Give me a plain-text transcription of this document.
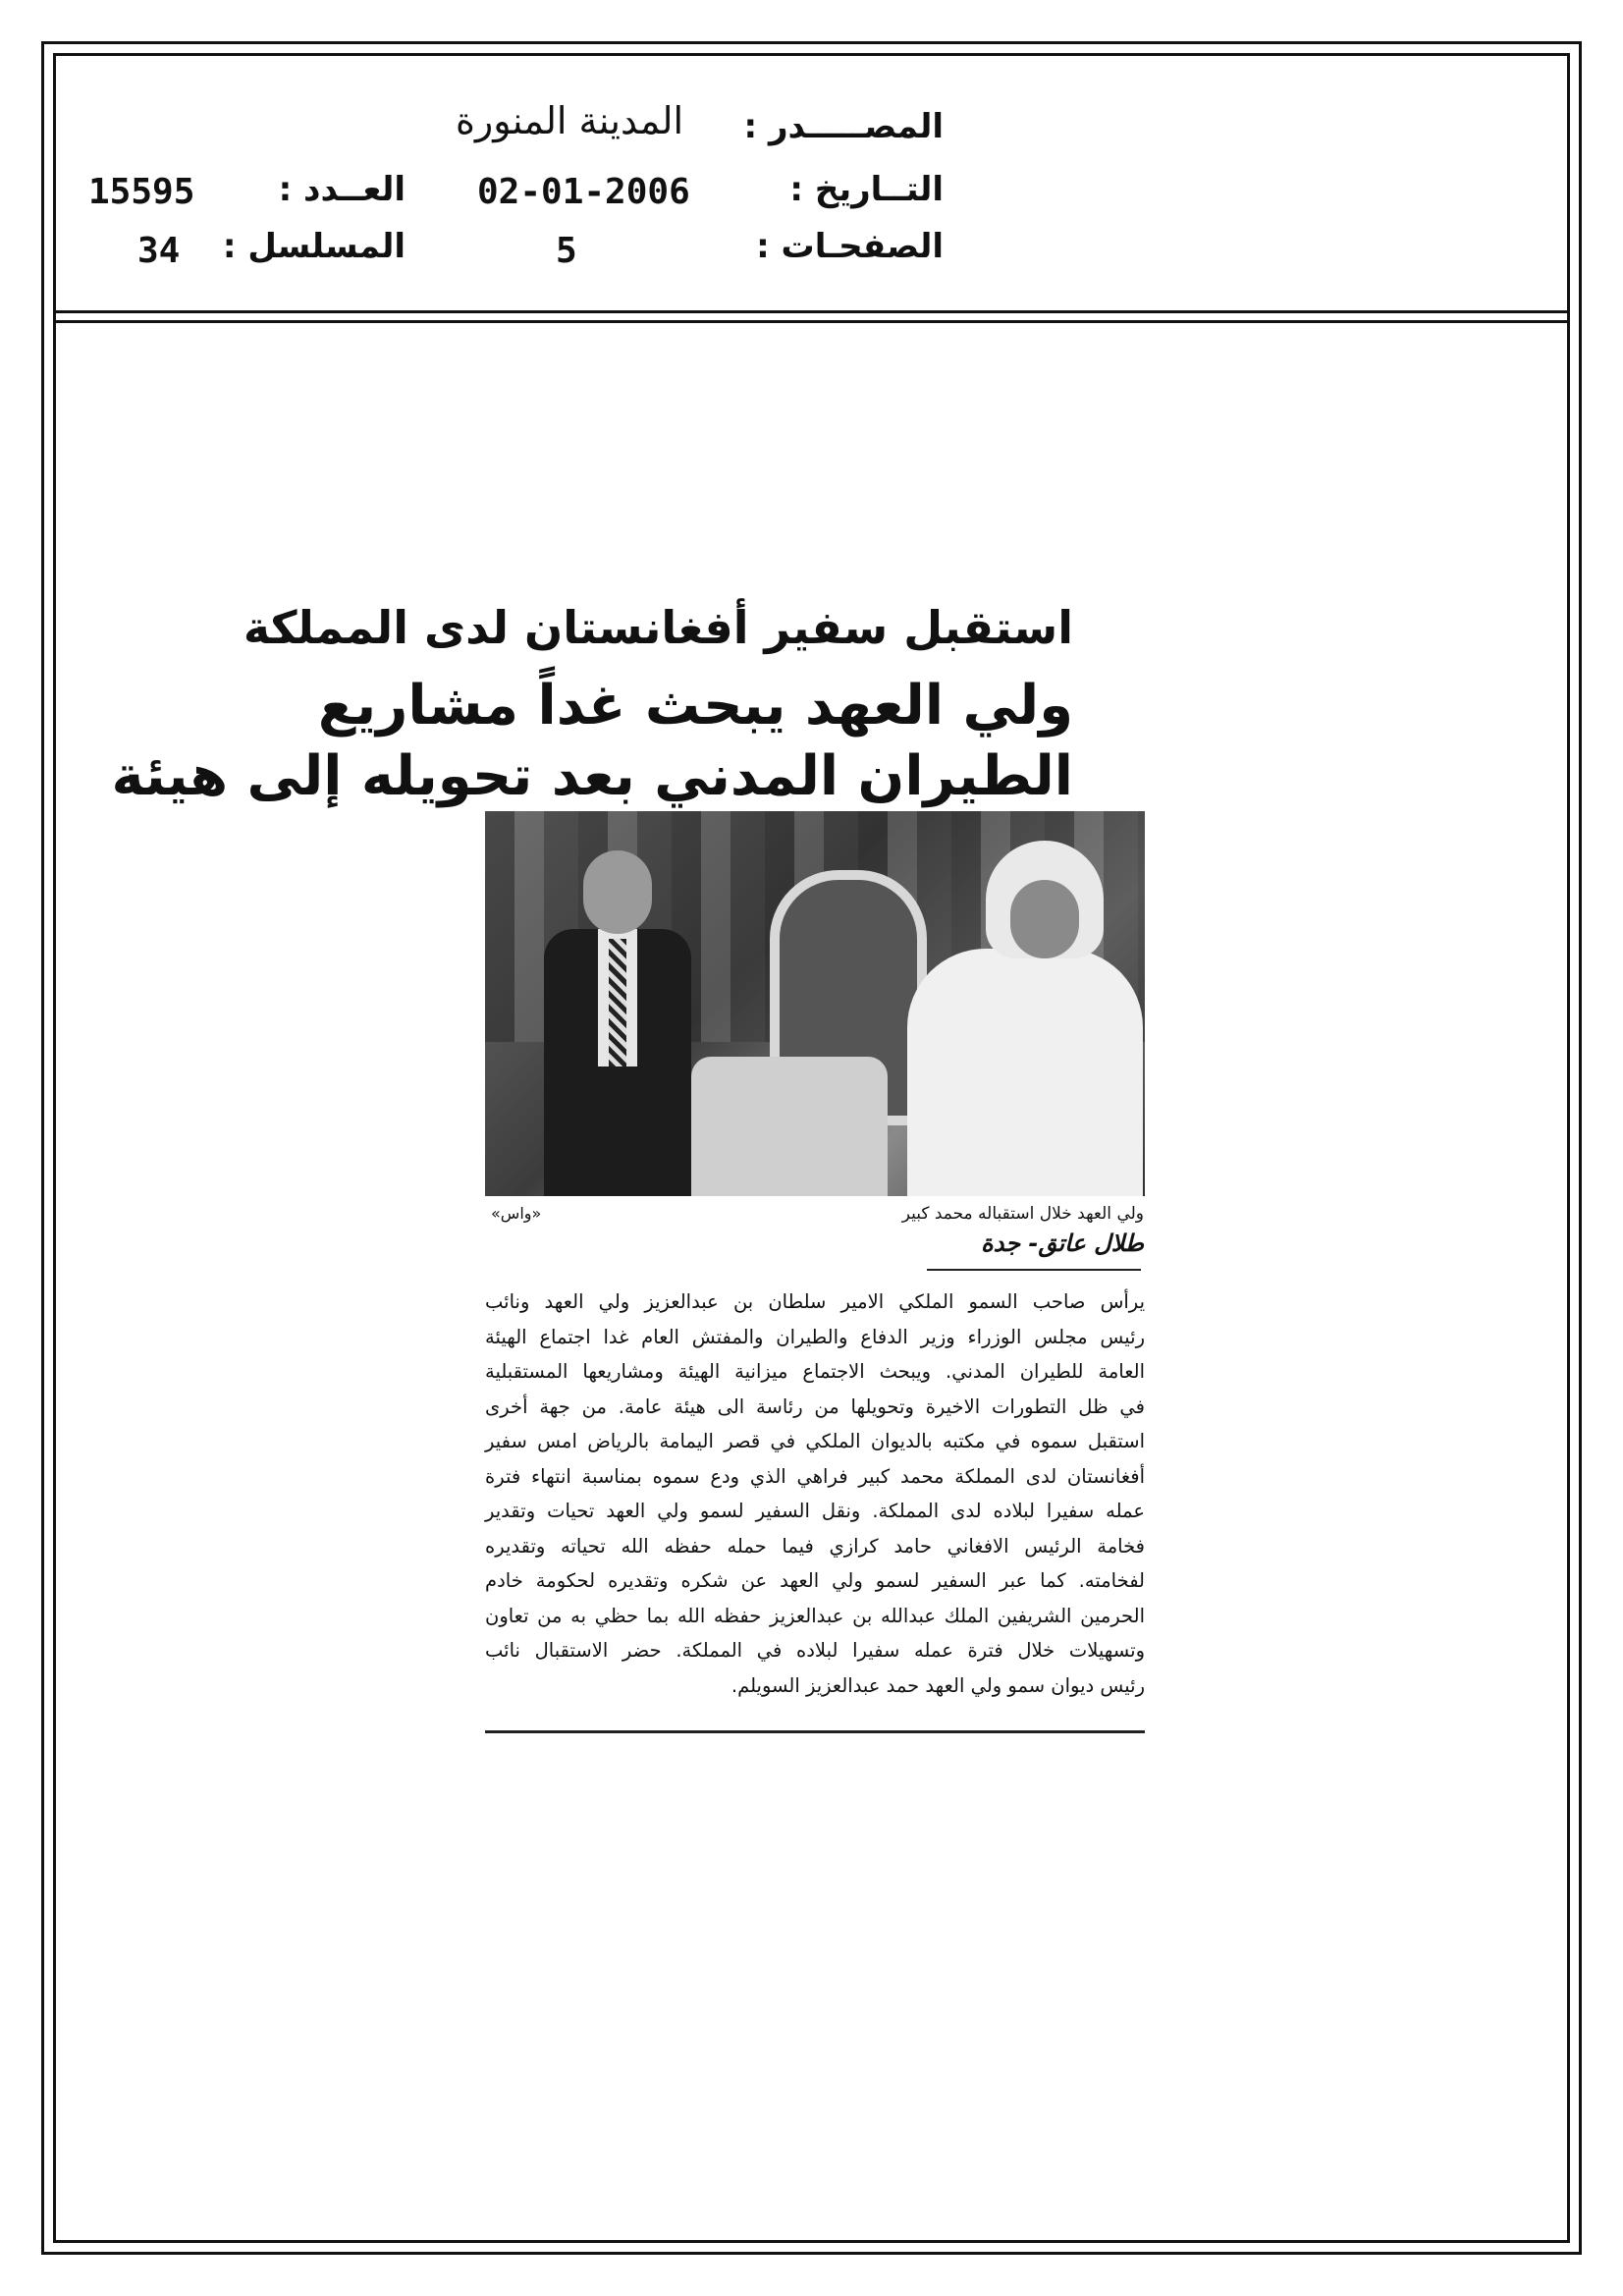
المصـــــدر :
المدينة المنورة
التــاريخ :
02-01-2006
العــدد :
15595
الصفحـات :
5
المسلسل :
34
استقبل سفير أفغانستان لدى المملكة
ولي العهد يبحث غداً مشاريع
الطيران المدني بعد تحويله إلى هيئة
ولي العهد خلال استقباله محمد كبير
«واس»
طلال عاتق- جدة
يرأس صاحب السمو الملكي الامير سلطان بن عبدالعزيز ولي العهد ونائب
رئيس مجلس الوزراء وزير الدفاع والطيران والمفتش العام غدا اجتماع الهيئة
العامة للطيران المدني. ويبحث الاجتماع ميزانية الهيئة ومشاريعها المستقبلية
في ظل التطورات الاخيرة وتحويلها من رئاسة الى هيئة عامة. من جهة أخرى
استقبل سموه في مكتبه بالديوان الملكي في قصر اليمامة بالرياض امس سفير
أفغانستان لدى المملكة محمد كبير فراهي الذي ودع سموه بمناسبة انتهاء فترة
عمله سفيرا لبلاده لدى المملكة. ونقل السفير لسمو ولي العهد تحيات وتقدير
فخامة الرئيس الافغاني حامد كرازي فيما حمله حفظه الله تحياته وتقديره
لفخامته. كما عبر السفير لسمو ولي العهد عن شكره وتقديره لحكومة خادم
الحرمين الشريفين الملك عبدالله بن عبدالعزيز حفظه الله بما حظي به من تعاون
وتسهيلات خلال فترة عمله سفيرا لبلاده في المملكة. حضر الاستقبال نائب
رئيس ديوان سمو ولي العهد حمد عبدالعزيز السويلم.
